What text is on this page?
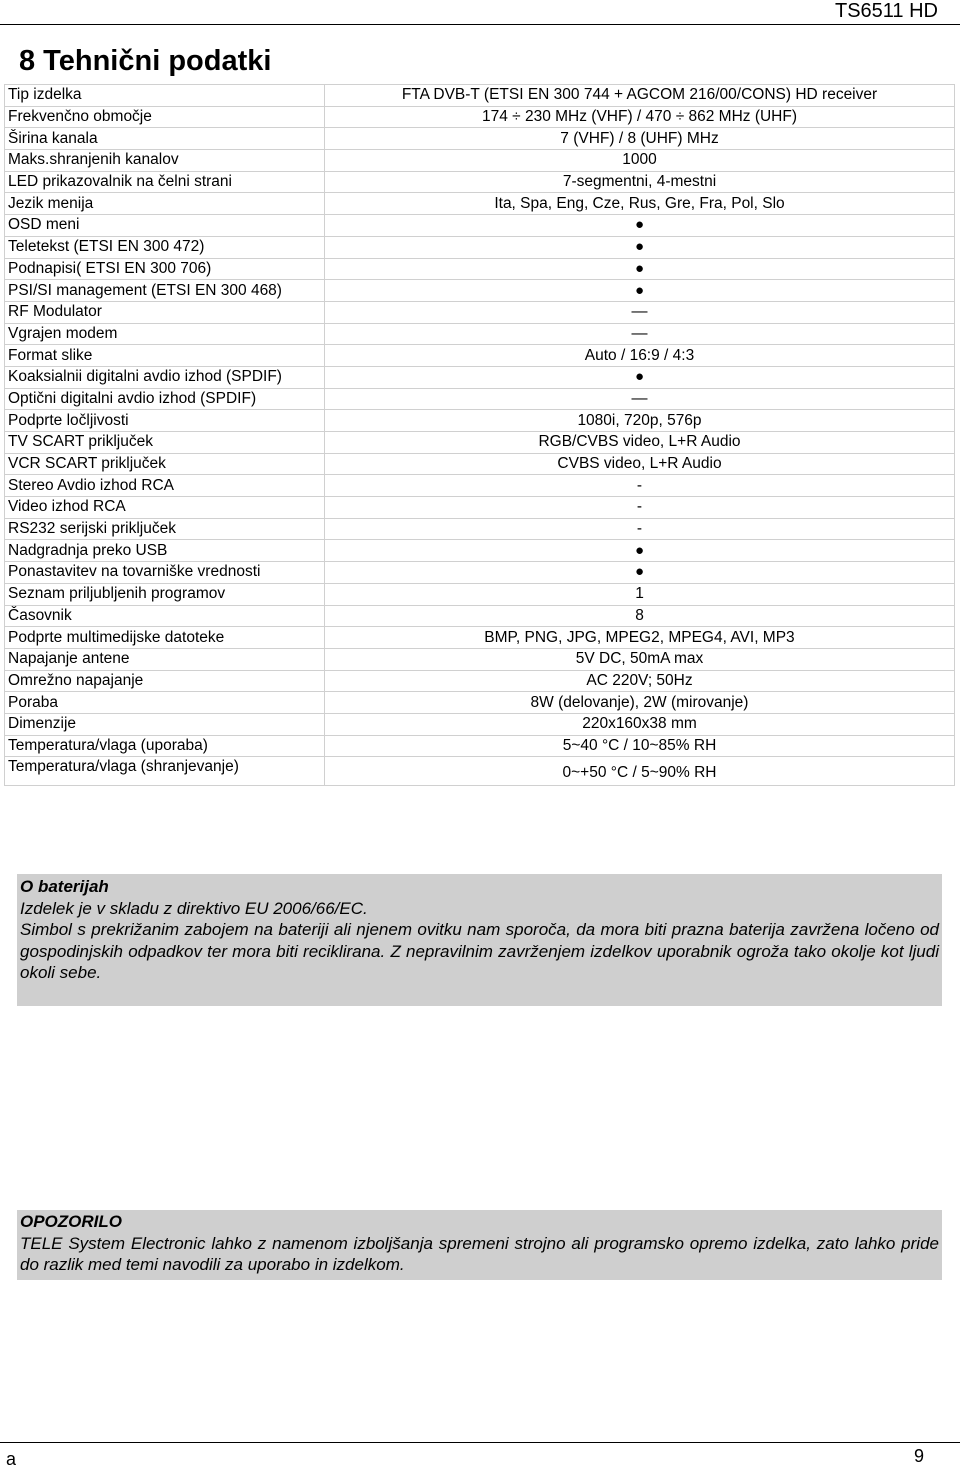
TS6511 HD
8 Tehnični podatki
Tip izdelka	FTA DVB-T (ETSI EN 300 744 + AGCOM 216/00/CONS) HD receiver
Frekvenčno območje	174 ÷ 230 MHz (VHF) / 470 ÷ 862 MHz (UHF)
Širina kanala	7 (VHF) / 8 (UHF) MHz
Maks.shranjenih kanalov	1000
LED prikazovalnik na čelni strani	7-segmentni, 4-mestni
Jezik menija	Ita, Spa, Eng, Cze, Rus, Gre, Fra, Pol, Slo
OSD meni	●
Teletekst (ETSI EN 300 472)	●
Podnapisi( ETSI EN 300 706)	●
PSI/SI management (ETSI EN 300 468)	●
RF Modulator	—
Vgrajen modem	—
Format slike	Auto / 16:9 / 4:3
Koaksialnii digitalni avdio izhod (SPDIF)	●
Optični digitalni avdio izhod (SPDIF)	—
Podprte ločljivosti	1080i, 720p, 576p
TV SCART priključek	RGB/CVBS video, L+R Audio
VCR SCART priključek	CVBS video, L+R Audio
Stereo Avdio izhod RCA	-
Video izhod RCA	-
RS232 serijski priključek	-
Nadgradnja preko USB	●
Ponastavitev na tovarniške vrednosti	●
Seznam priljubljenih programov	1
Časovnik	8
Podprte multimedijske datoteke	BMP, PNG, JPG, MPEG2, MPEG4, AVI, MP3
Napajanje antene	5V DC, 50mA max
Omrežno napajanje	AC 220V; 50Hz
Poraba	8W (delovanje), 2W (mirovanje)
Dimenzije	220x160x38 mm
Temperatura/vlaga (uporaba)	5~40 °C / 10~85% RH
Temperatura/vlaga (shranjevanje)	0~+50 °C / 5~90% RH
O baterijah
Izdelek je v skladu z direktivo EU 2006/66/EC.
Simbol s prekrižanim zabojem na bateriji ali njenem ovitku nam sporoča, da mora biti prazna baterija zavržena ločeno od gospodinjskih odpadkov ter mora biti reciklirana. Z nepravilnim zavrženjem izdelkov uporabnik ogroža tako okolje kot ljudi okoli sebe.
OPOZORILO
TELE System Electronic lahko z namenom izboljšanja spremeni strojno ali programsko opremo izdelka, zato lahko pride do razlik med temi navodili za uporabo in izdelkom.
a	9
